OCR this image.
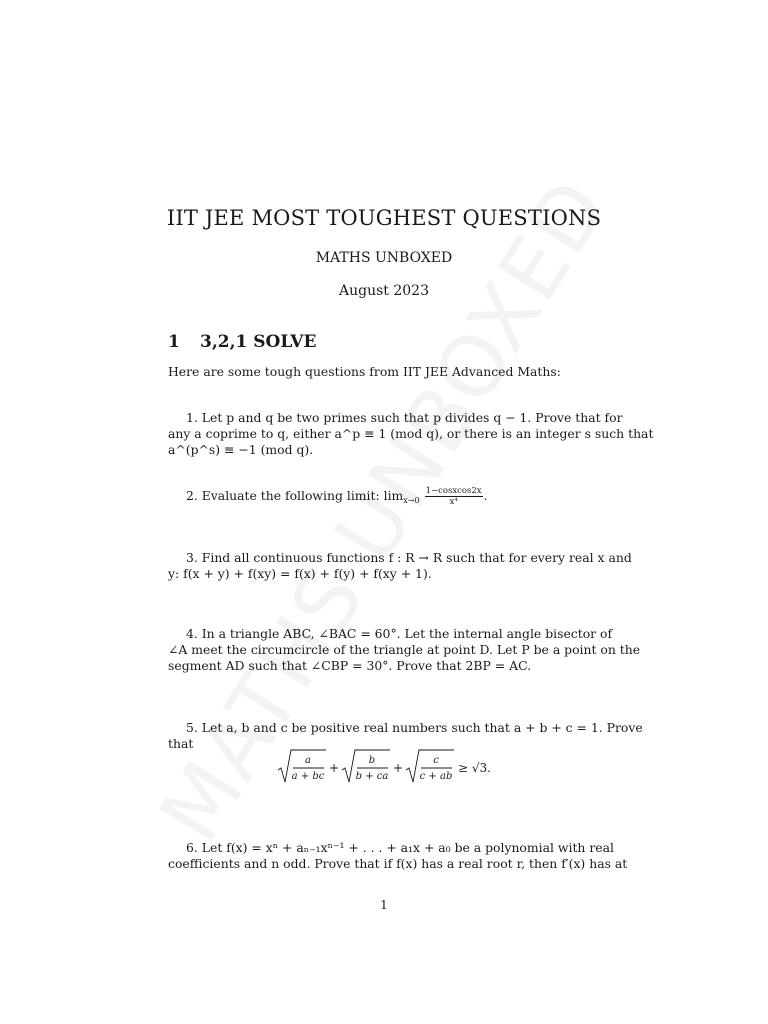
IIT JEE MOST TOUGHEST QUESTIONS
MATHS UNBOXED
August 2023
1 3,2,1 SOLVE
Here are some tough questions from IIT JEE Advanced Maths:
1. Let p and q be two primes such that p divides q − 1. Prove that for
any a coprime to q, either a^p ≡ 1 (mod q), or there is an integer s such that
a^(p^s) ≡ −1 (mod q).
2. Evaluate the following limit: $\lim_{x\to 0} \frac{\text{1−cosxcos2x}}{\text{x⁴}}$ .
3. Find all continuous functions f : R → R such that for every real x and
y: f(x + y) + f(xy) = f(x) + f(y) + f(xy + 1).
4. In a triangle ABC, ∠BAC = 60°. Let the internal angle bisector of
∠A meet the circumcircle of the triangle at point D. Let P be a point on the
segment AD such that ∠CBP = 30°. Prove that 2BP = AC.
5. Let a, b and c be positive real numbers such that a + b + c = 1. Prove
that
a
a + bc
b
b + ca
c
c + ab
+	+	≥ √3.
6. Let f(x) = xⁿ + aₙ₋₁xⁿ⁻¹ + . . . + a₁x + a₀ be a polynomial with real
coefficients and n odd. Prove that if f(x) has a real root r, then f′(x) has at
1
